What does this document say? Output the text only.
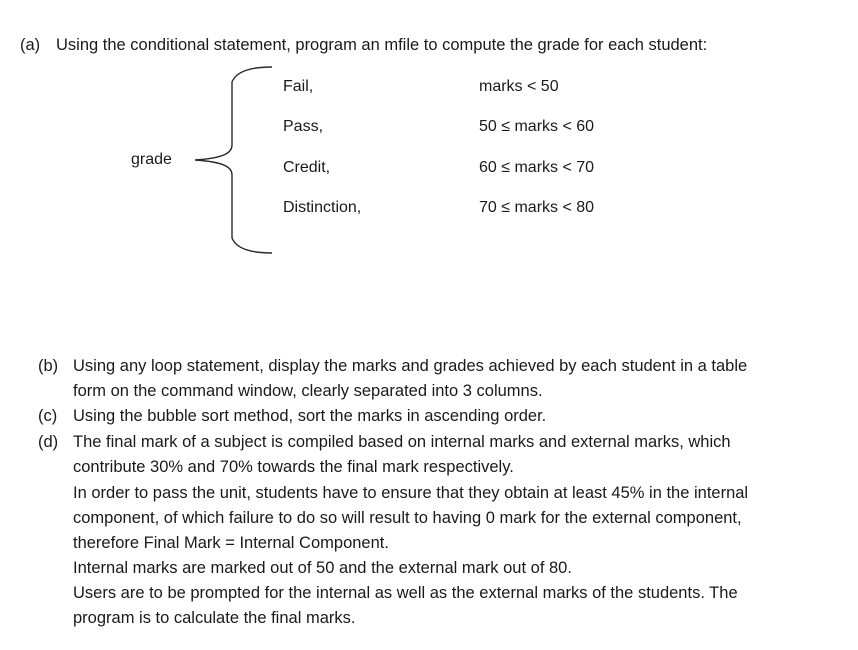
(a) Using the conditional statement, program an mfile to compute the grade for each student:
grade
Fail,	marks < 50
Pass,	50 ≤ marks < 60
Credit,	60 ≤ marks < 70
Distinction,	70 ≤ marks < 80
(b) Using any loop statement, display the marks and grades achieved by each student in a table
form on the command window, clearly separated into 3 columns.
(c) Using the bubble sort method, sort the marks in ascending order.
(d) The final mark of a subject is compiled based on internal marks and external marks, which
contribute 30% and 70% towards the final mark respectively.
In order to pass the unit, students have to ensure that they obtain at least 45% in the internal
component, of which failure to do so will result to having 0 mark for the external component,
therefore Final Mark = Internal Component.
Internal marks are marked out of 50 and the external mark out of 80.
Users are to be prompted for the internal as well as the external marks of the students. The
program is to calculate the final marks.
